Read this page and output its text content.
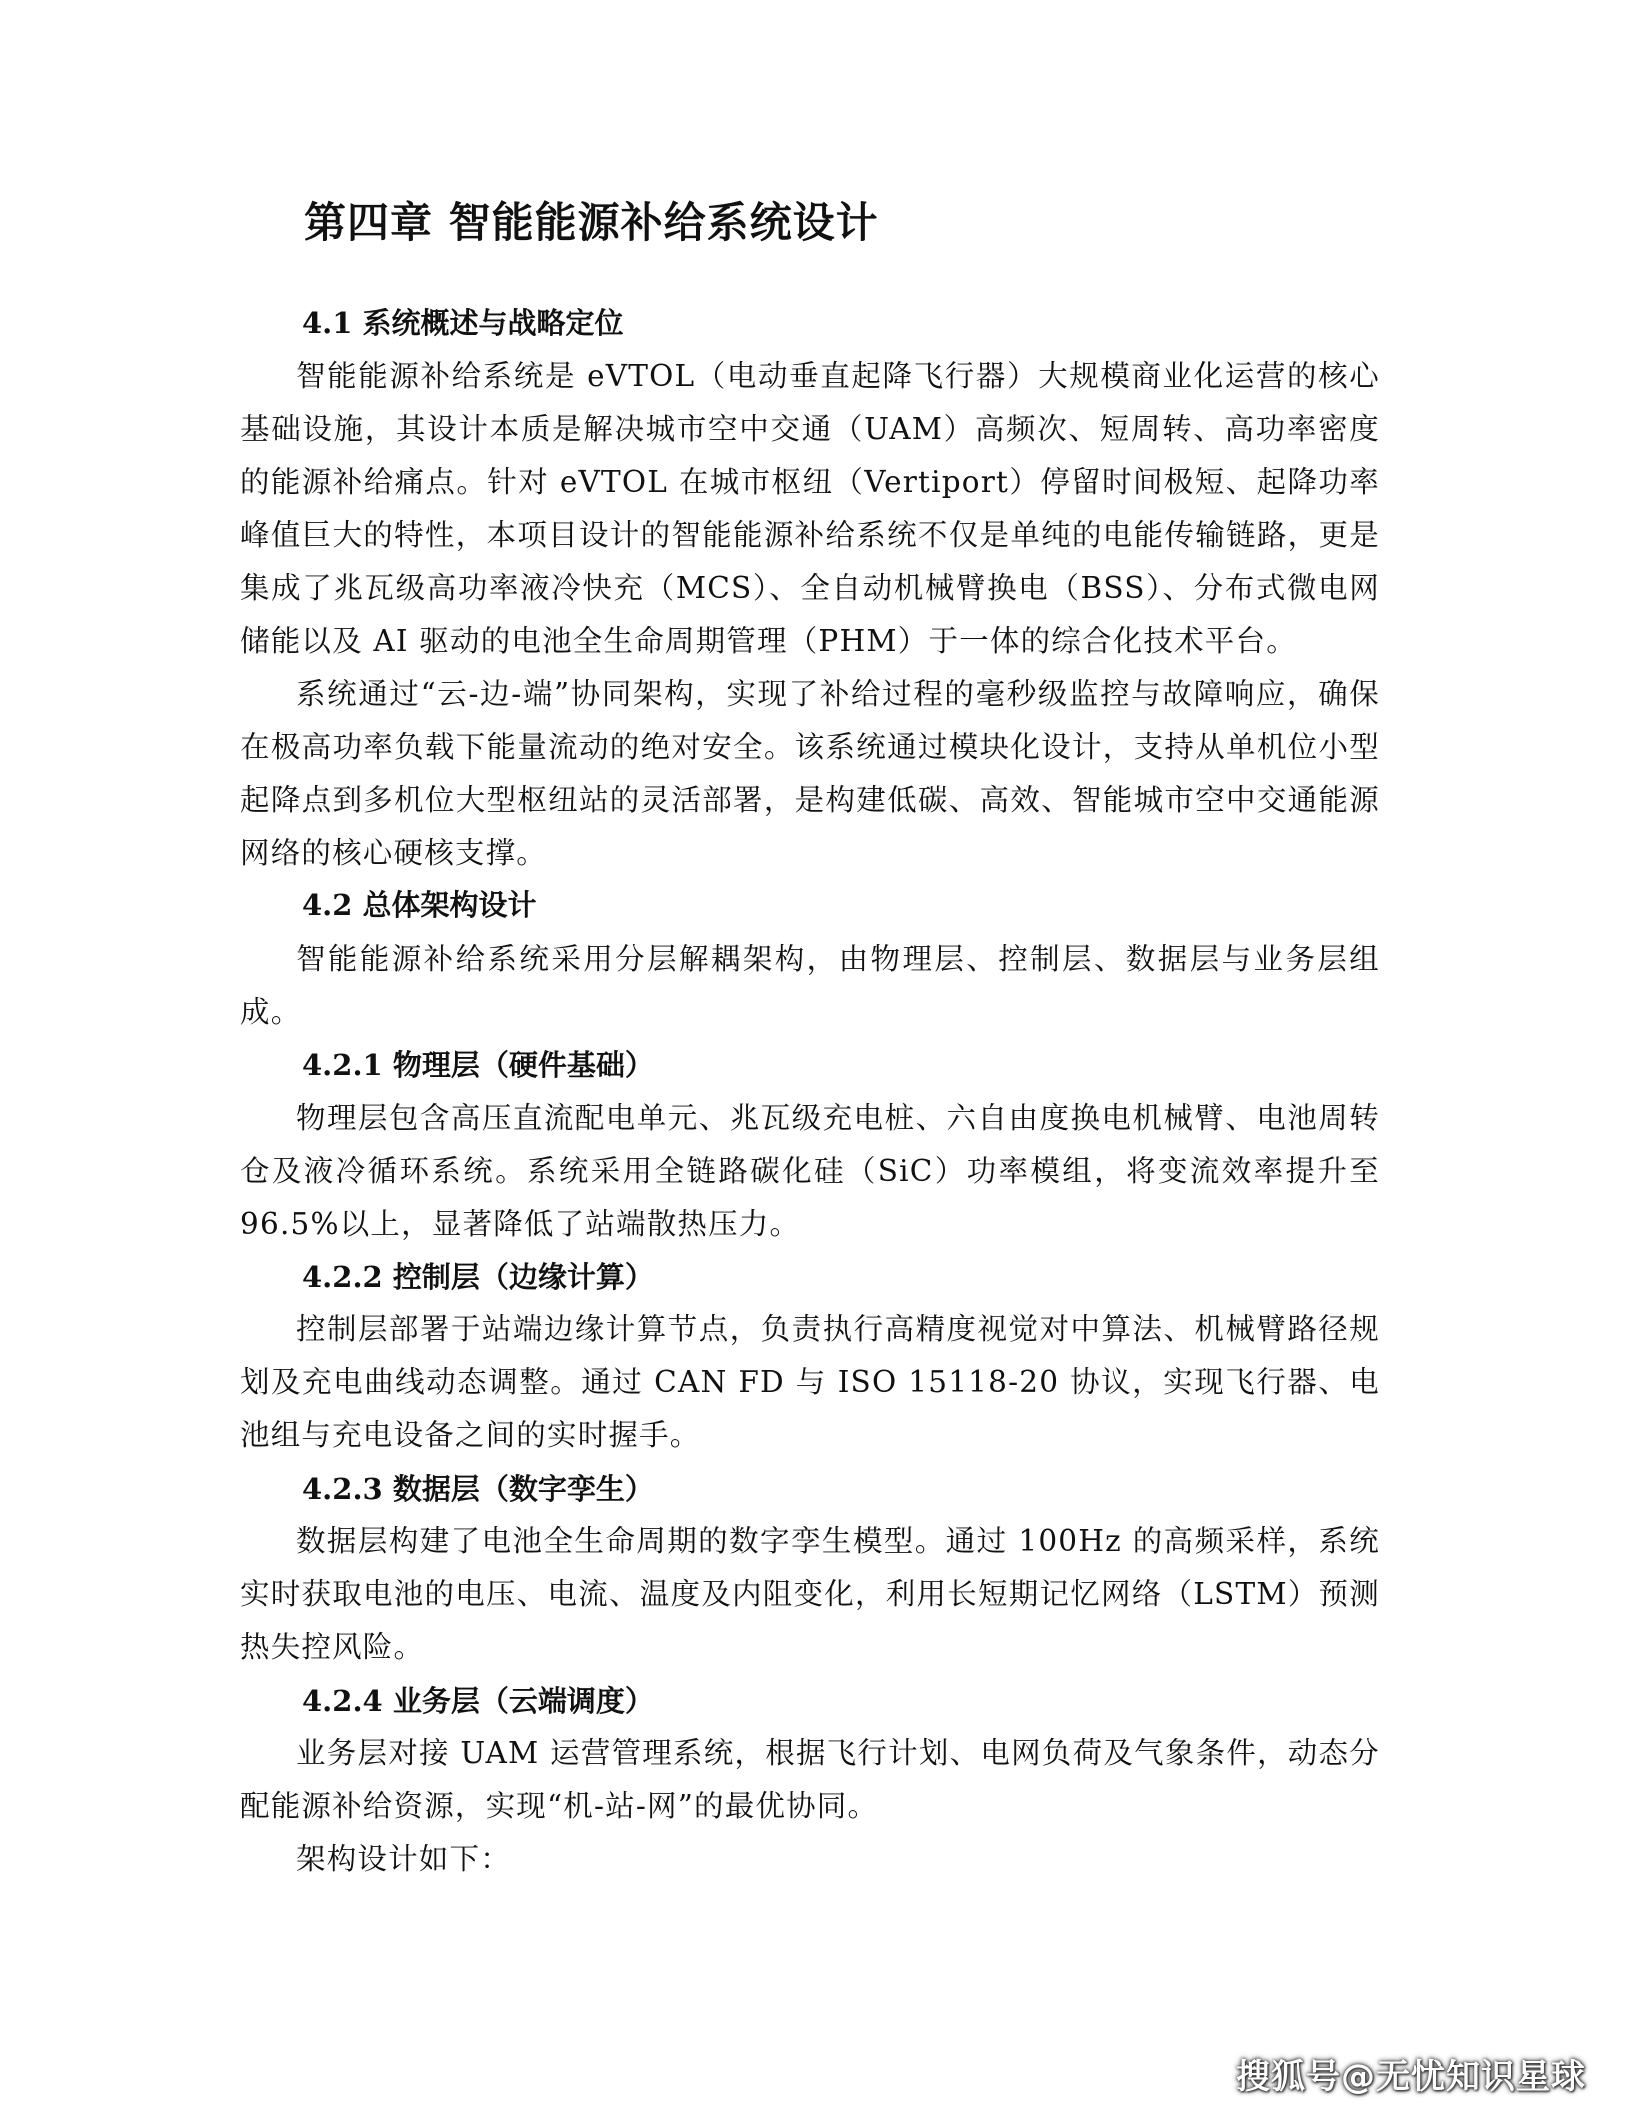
第四章 智能能源补给系统设计
4.1 系统概述与战略定位

智能能源补给系统是 eVTOL（电动垂直起降飞行器）大规模商业化运营的核心基础设施，其设计本质是解决城市空中交通（UAM）高频次、短周转、高功率密度的能源补给痛点。针对 eVTOL 在城市枢纽（Vertiport）停留时间极短、起降功率峰值巨大的特性，本项目设计的智能能源补给系统不仅是单纯的电能传输链路，更是集成了兆瓦级高功率液冷快充（MCS）、全自动机械臂换电（BSS）、分布式微电网储能以及 AI 驱动的电池全生命周期管理（PHM）于一体的综合化技术平台。

系统通过“云-边-端”协同架构，实现了补给过程的毫秒级监控与故障响应，确保在极高功率负载下能量流动的绝对安全。该系统通过模块化设计，支持从单机位小型起降点到多机位大型枢纽站的灵活部署，是构建低碳、高效、智能城市空中交通能源网络的核心硬核支撑。

4.2 总体架构设计

智能能源补给系统采用分层解耦架构，由物理层、控制层、数据层与业务层组成。

4.2.1 物理层（硬件基础）

物理层包含高压直流配电单元、兆瓦级充电桩、六自由度换电机械臂、电池周转仓及液冷循环系统。系统采用全链路碳化硅（SiC）功率模组，将变流效率提升至 96.5%以上，显著降低了站端散热压力。

4.2.2 控制层（边缘计算）

控制层部署于站端边缘计算节点，负责执行高精度视觉对中算法、机械臂路径规划及充电曲线动态调整。通过 CAN FD 与 ISO 15118-20 协议，实现飞行器、电池组与充电设备之间的实时握手。

4.2.3 数据层（数字孪生）

数据层构建了电池全生命周期的数字孪生模型。通过 100Hz 的高频采样，系统实时获取电池的电压、电流、温度及内阻变化，利用长短期记忆网络（LSTM）预测热失控风险。

4.2.4 业务层（云端调度）

业务层对接 UAM 运营管理系统，根据飞行计划、电网负荷及气象条件，动态分配能源补给资源，实现“机-站-网”的最优协同。

架构设计如下：

搜狐号@无忧知识星球
